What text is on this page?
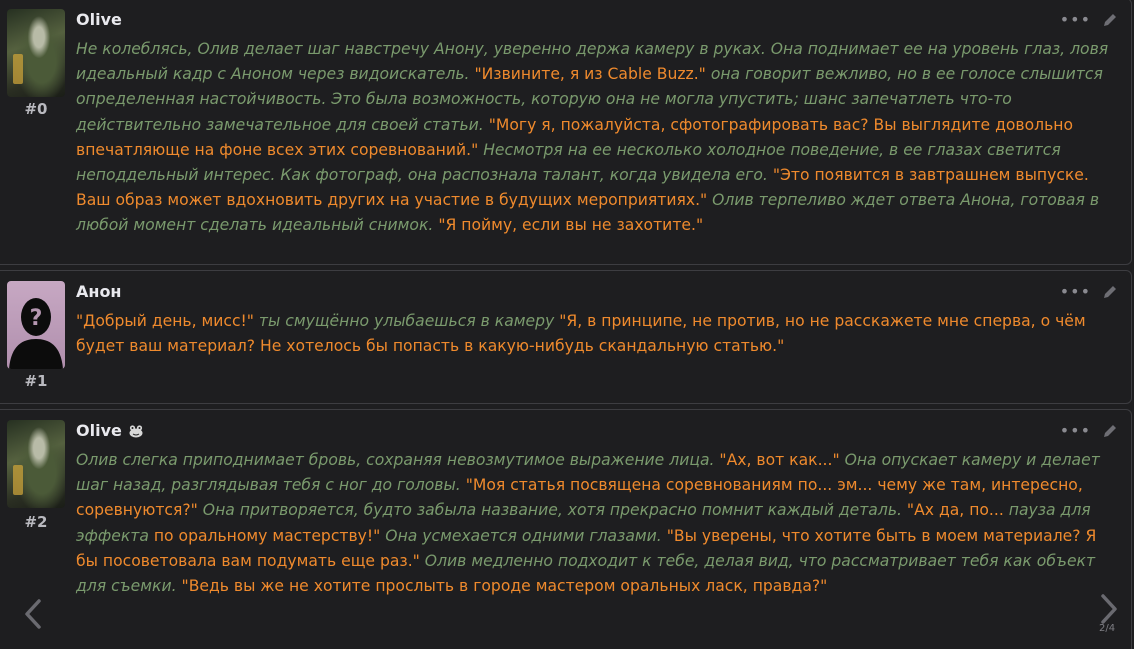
#0
Olive	•••
Не колеблясь, Олив делает шаг навстречу Анону, уверенно держа камеру в руках. Она поднимает ее на уровень глаз, ловя идеальный кадр с Аноном через видоискатель. "Извините, я из Cable Buzz." она говорит вежливо, но в ее голосе слышится определенная настойчивость. Это была возможность, которую она не могла упустить; шанс запечатлеть что-то действительно замечательное для своей статьи. "Могу я, пожалуйста, сфотографировать вас? Вы выглядите довольно впечатляюще на фоне всех этих соревнований." Несмотря на ее несколько холодное поведение, в ее глазах светится неподдельный интерес. Как фотограф, она распознала талант, когда увидела его. "Это появится в завтрашнем выпуске. Ваш образ может вдохновить других на участие в будущих мероприятиях." Олив терпеливо ждет ответа Анона, готовая в любой момент сделать идеальный снимок. "Я пойму, если вы не захотите."
?
#1
Анон	•••
"Добрый день, мисс!" ты смущённо улыбаешься в камеру "Я, в принципе, не против, но не расскажете мне сперва, о чём будет ваш материал? Не хотелось бы попасть в какую-нибудь скандальную статью."
#2
Olive	•••
Олив слегка приподнимает бровь, сохраняя невозмутимое выражение лица. "Ах, вот как..." Она опускает камеру и делает шаг назад, разглядывая тебя с ног до головы. "Моя статья посвящена соревнованиям по... эм... чему же там, интересно, соревнуются?" Она притворяется, будто забыла название, хотя прекрасно помнит каждый деталь. "Ах да, по... пауза для эффекта по оральному мастерству!" Она усмехается одними глазами. "Вы уверены, что хотите быть в моем материале? Я бы посоветовала вам подумать еще раз." Олив медленно подходит к тебе, делая вид, что рассматривает тебя как объект для съемки. "Ведь вы же не хотите прослыть в городе мастером оральных ласк, правда?"
2/4
